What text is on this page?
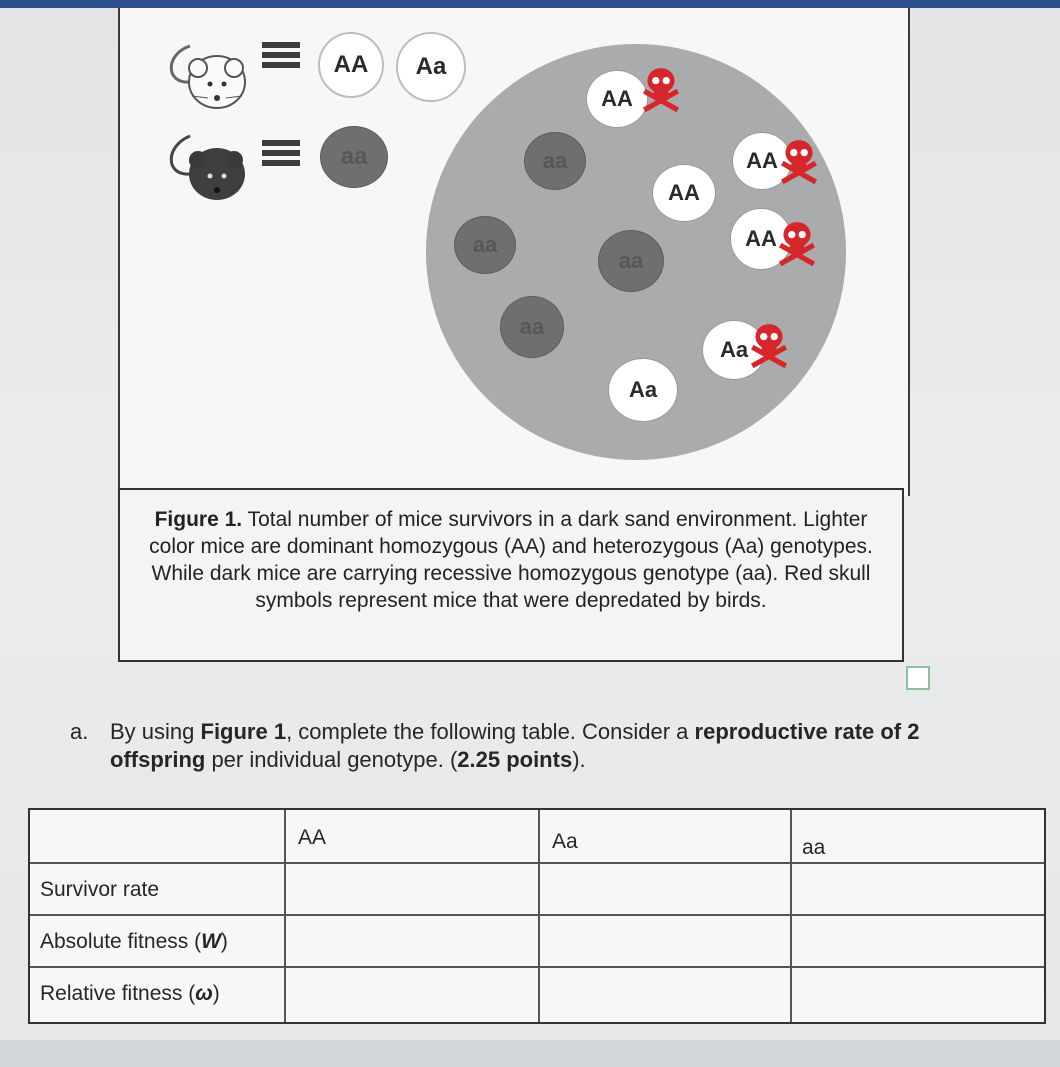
AA	Aa
aa
AA
aa
AA
AA
aa
aa
AA
aa
Aa
Aa
Figure 1. Total number of mice survivors in a dark sand environment. Lighter color mice are dominant homozygous (AA) and heterozygous (Aa) genotypes. While dark mice are carrying recessive homozygous genotype (aa). Red skull symbols represent mice that were depredated by birds.
a. By using Figure 1, complete the following table. Consider a reproductive rate of 2 offspring per individual genotype. (2.25 points).
AA	Aa	aa
Survivor rate
Absolute fitness (W)
Relative fitness (ω)
